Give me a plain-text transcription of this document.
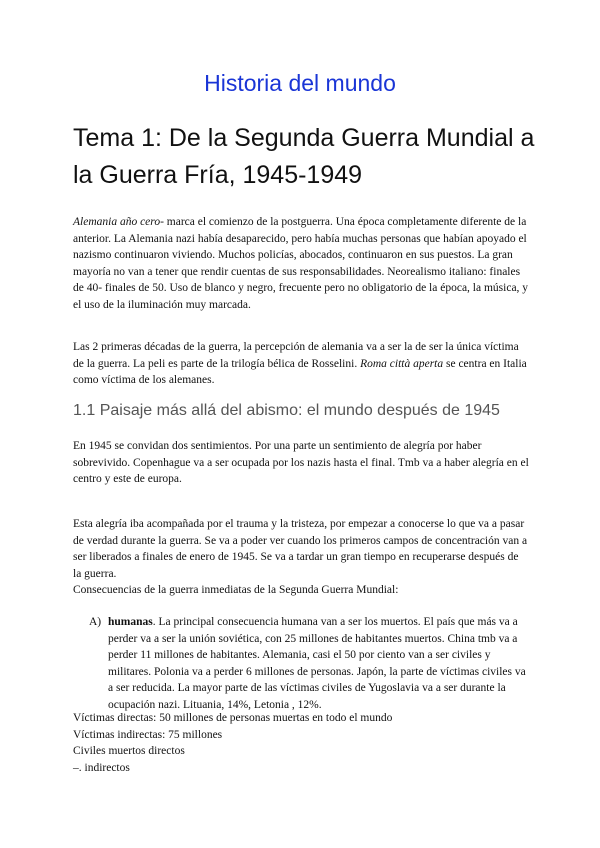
Historia del mundo
Tema 1: De la Segunda Guerra Mundial a la Guerra Fría, 1945-1949

Alemania año cero- marca el comienzo de la postguerra. Una época completamente diferente de la anterior. La Alemania nazi había desaparecido, pero había muchas personas que habían apoyado el nazismo continuaron viviendo. Muchos policías, abocados, continuaron en sus puestos. La gran mayoría no van a tener que rendir cuentas de sus responsabilidades. Neorealismo italiano: finales de 40- finales de 50. Uso de blanco y negro, frecuente pero no obligatorio de la época, la música, y el uso de la iluminación muy marcada.

Las 2 primeras décadas de la guerra, la percepción de alemania va a ser la de ser la única víctima de la guerra. La peli es parte de la trilogía bélica de Rosselini. Roma città aperta se centra en Italia como víctima de los alemanes.

1.1 Paisaje más allá del abismo: el mundo después de 1945

En 1945 se convidan dos sentimientos. Por una parte un sentimiento de alegría por haber sobrevivido. Copenhague va a ser ocupada por los nazis hasta el final. Tmb va a haber alegría en el centro y este de europa.

Esta alegría iba acompañada por el trauma y la tristeza, por empezar a conocerse lo que va a pasar de verdad durante la guerra. Se va a poder ver cuando los primeros campos de concentración van a ser liberados a finales de enero de 1945. Se va a tardar un gran tiempo en recuperarse después de la guerra.

Consecuencias de la guerra inmediatas de la Segunda Guerra Mundial:

A) humanas. La principal consecuencia humana van a ser los muertos. El país que más va a perder va a ser la unión soviética, con 25 millones de habitantes muertos. China tmb va a perder 11 millones de habitantes. Alemania, casi el 50 por ciento van a ser civiles y militares. Polonia va a perder 6 millones de personas. Japón, la parte de víctimas civiles va a ser reducida. La mayor parte de las víctimas civiles de Yugoslavia va a ser durante la ocupación nazi. Lituania, 14%, Letonia , 12%.

Víctimas directas: 50 millones de personas muertas en todo el mundo
Víctimas indirectas: 75 millones
Civiles muertos directos
–. indirectos
